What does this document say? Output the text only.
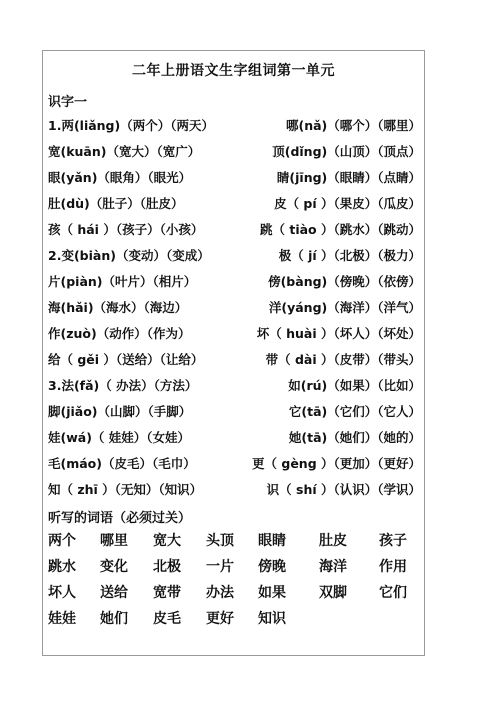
二年上册语文生字组词第一单元
识字一
1.两(liǎng)（两个）（两天）	哪(nǎ)（哪个）（哪里）
宽(kuān)（宽大）（宽广）	顶(dǐng)（山顶）（顶点）
眼(yǎn)（眼角）（眼光）	睛(jīng)（眼睛）（点睛）
肚(dù)（肚子）（肚皮）	皮（ pí ）（果皮）（瓜皮）
孩（ hái ）（孩子）（小孩）	跳（ tiào ）（跳水）（跳动）
2.变(biàn)（变动）（变成）	极（ jí ）（北极）（极力）
片(piàn)（叶片）（相片）	傍(bàng)（傍晚）（依傍）
海(hǎi)（海水）（海边）	洋(yáng)（海洋）（洋气）
作(zuò)（动作）（作为）	坏（ huài ）（坏人）（坏处）
给（ gěi ）（送给）（让给）	带（ dài ）（皮带）（带头）
3.法(fǎ)（ 办法）（方法）	如(rú)（如果）（比如）
脚(jiǎo)（山脚）（手脚）	它(tā)（它们）（它人）
娃(wá)（ 娃娃）（女娃）	她(tā)（她们）（她的）
毛(máo)（皮毛）（毛巾）	更（ gèng ）（更加）（更好）
知（ zhī ）（无知）（知识）	识（ shí ）（认识）（学识）
听写的词语（必须过关）
两个 哪里 宽大 头顶 眼睛 肚皮 孩子
跳水 变化 北极 一片 傍晚 海洋 作用
坏人 送给 宽带 办法 如果 双脚 它们
娃娃 她们 皮毛 更好 知识
